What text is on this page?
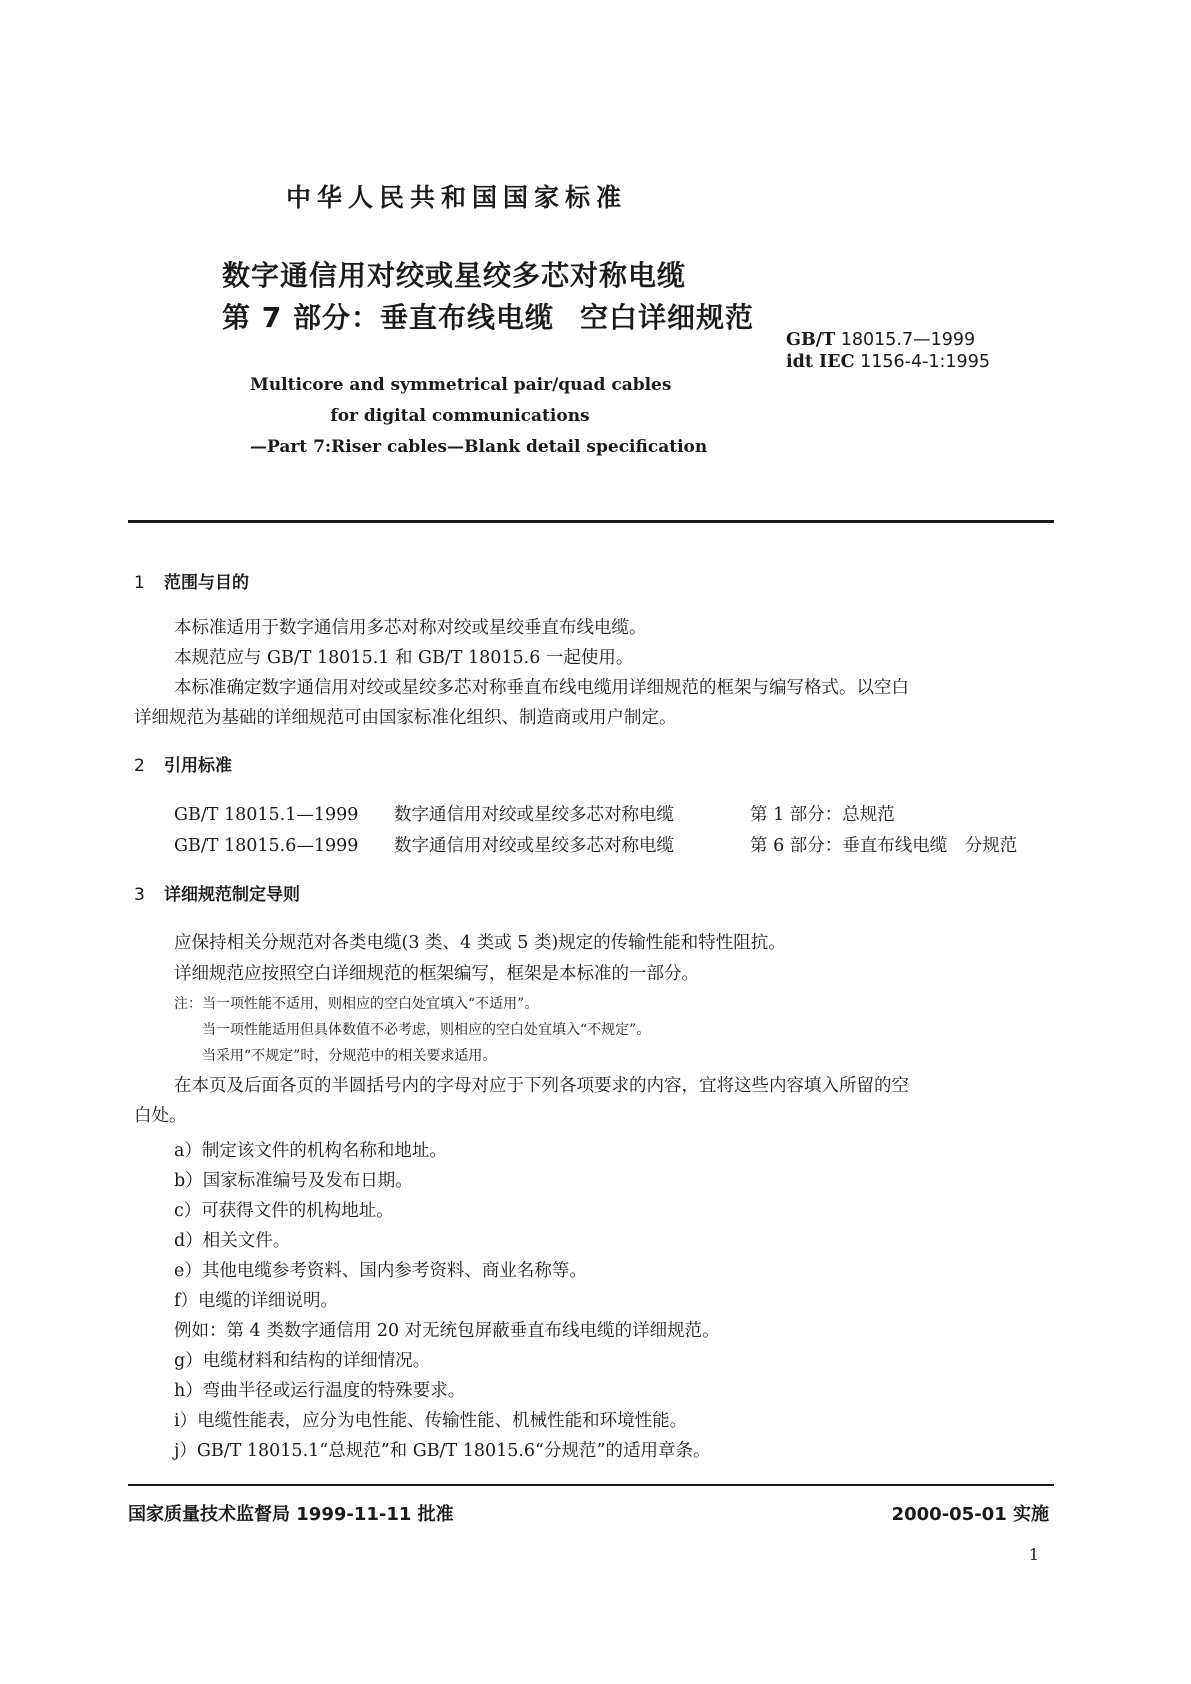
中华人民共和国国家标准
数字通信用对绞或星绞多芯对称电缆
第 7 部分：垂直布线电缆 空白详细规范
GB/T 18015.7—1999
idt IEC 1156-4-1:1995
Multicore and symmetrical pair/quad cables
for digital communications
—Part 7:Riser cables—Blank detail specification
1 范围与目的
本标准适用于数字通信用多芯对称对绞或星绞垂直布线电缆。
本规范应与 GB/T 18015.1 和 GB/T 18015.6 一起使用。
本标准确定数字通信用对绞或星绞多芯对称垂直布线电缆用详细规范的框架与编写格式。以空白
详细规范为基础的详细规范可由国家标准化组织、制造商或用户制定。
2 引用标准
GB/T 18015.1—1999 数字通信用对绞或星绞多芯对称电缆	第 1 部分：总规范
GB/T 18015.6—1999 数字通信用对绞或星绞多芯对称电缆	第 6 部分：垂直布线电缆　分规范
3 详细规范制定导则
应保持相关分规范对各类电缆(3 类、4 类或 5 类)规定的传输性能和特性阻抗。
详细规范应按照空白详细规范的框架编写，框架是本标准的一部分。
注：当一项性能不适用，则相应的空白处宜填入“不适用”。
当一项性能适用但具体数值不必考虑，则相应的空白处宜填入“不规定”。
当采用“不规定”时，分规范中的相关要求适用。
在本页及后面各页的半圆括号内的字母对应于下列各项要求的内容，宜将这些内容填入所留的空
白处。
a）制定该文件的机构名称和地址。
b）国家标准编号及发布日期。
c）可获得文件的机构地址。
d）相关文件。
e）其他电缆参考资料、国内参考资料、商业名称等。
f）电缆的详细说明。
例如：第 4 类数字通信用 20 对无统包屏蔽垂直布线电缆的详细规范。
g）电缆材料和结构的详细情况。
h）弯曲半径或运行温度的特殊要求。
i）电缆性能表，应分为电性能、传输性能、机械性能和环境性能。
j）GB/T 18015.1“总规范”和 GB/T 18015.6“分规范”的适用章条。
国家质量技术监督局 1999-11-11 批准	2000-05-01 实施
1
